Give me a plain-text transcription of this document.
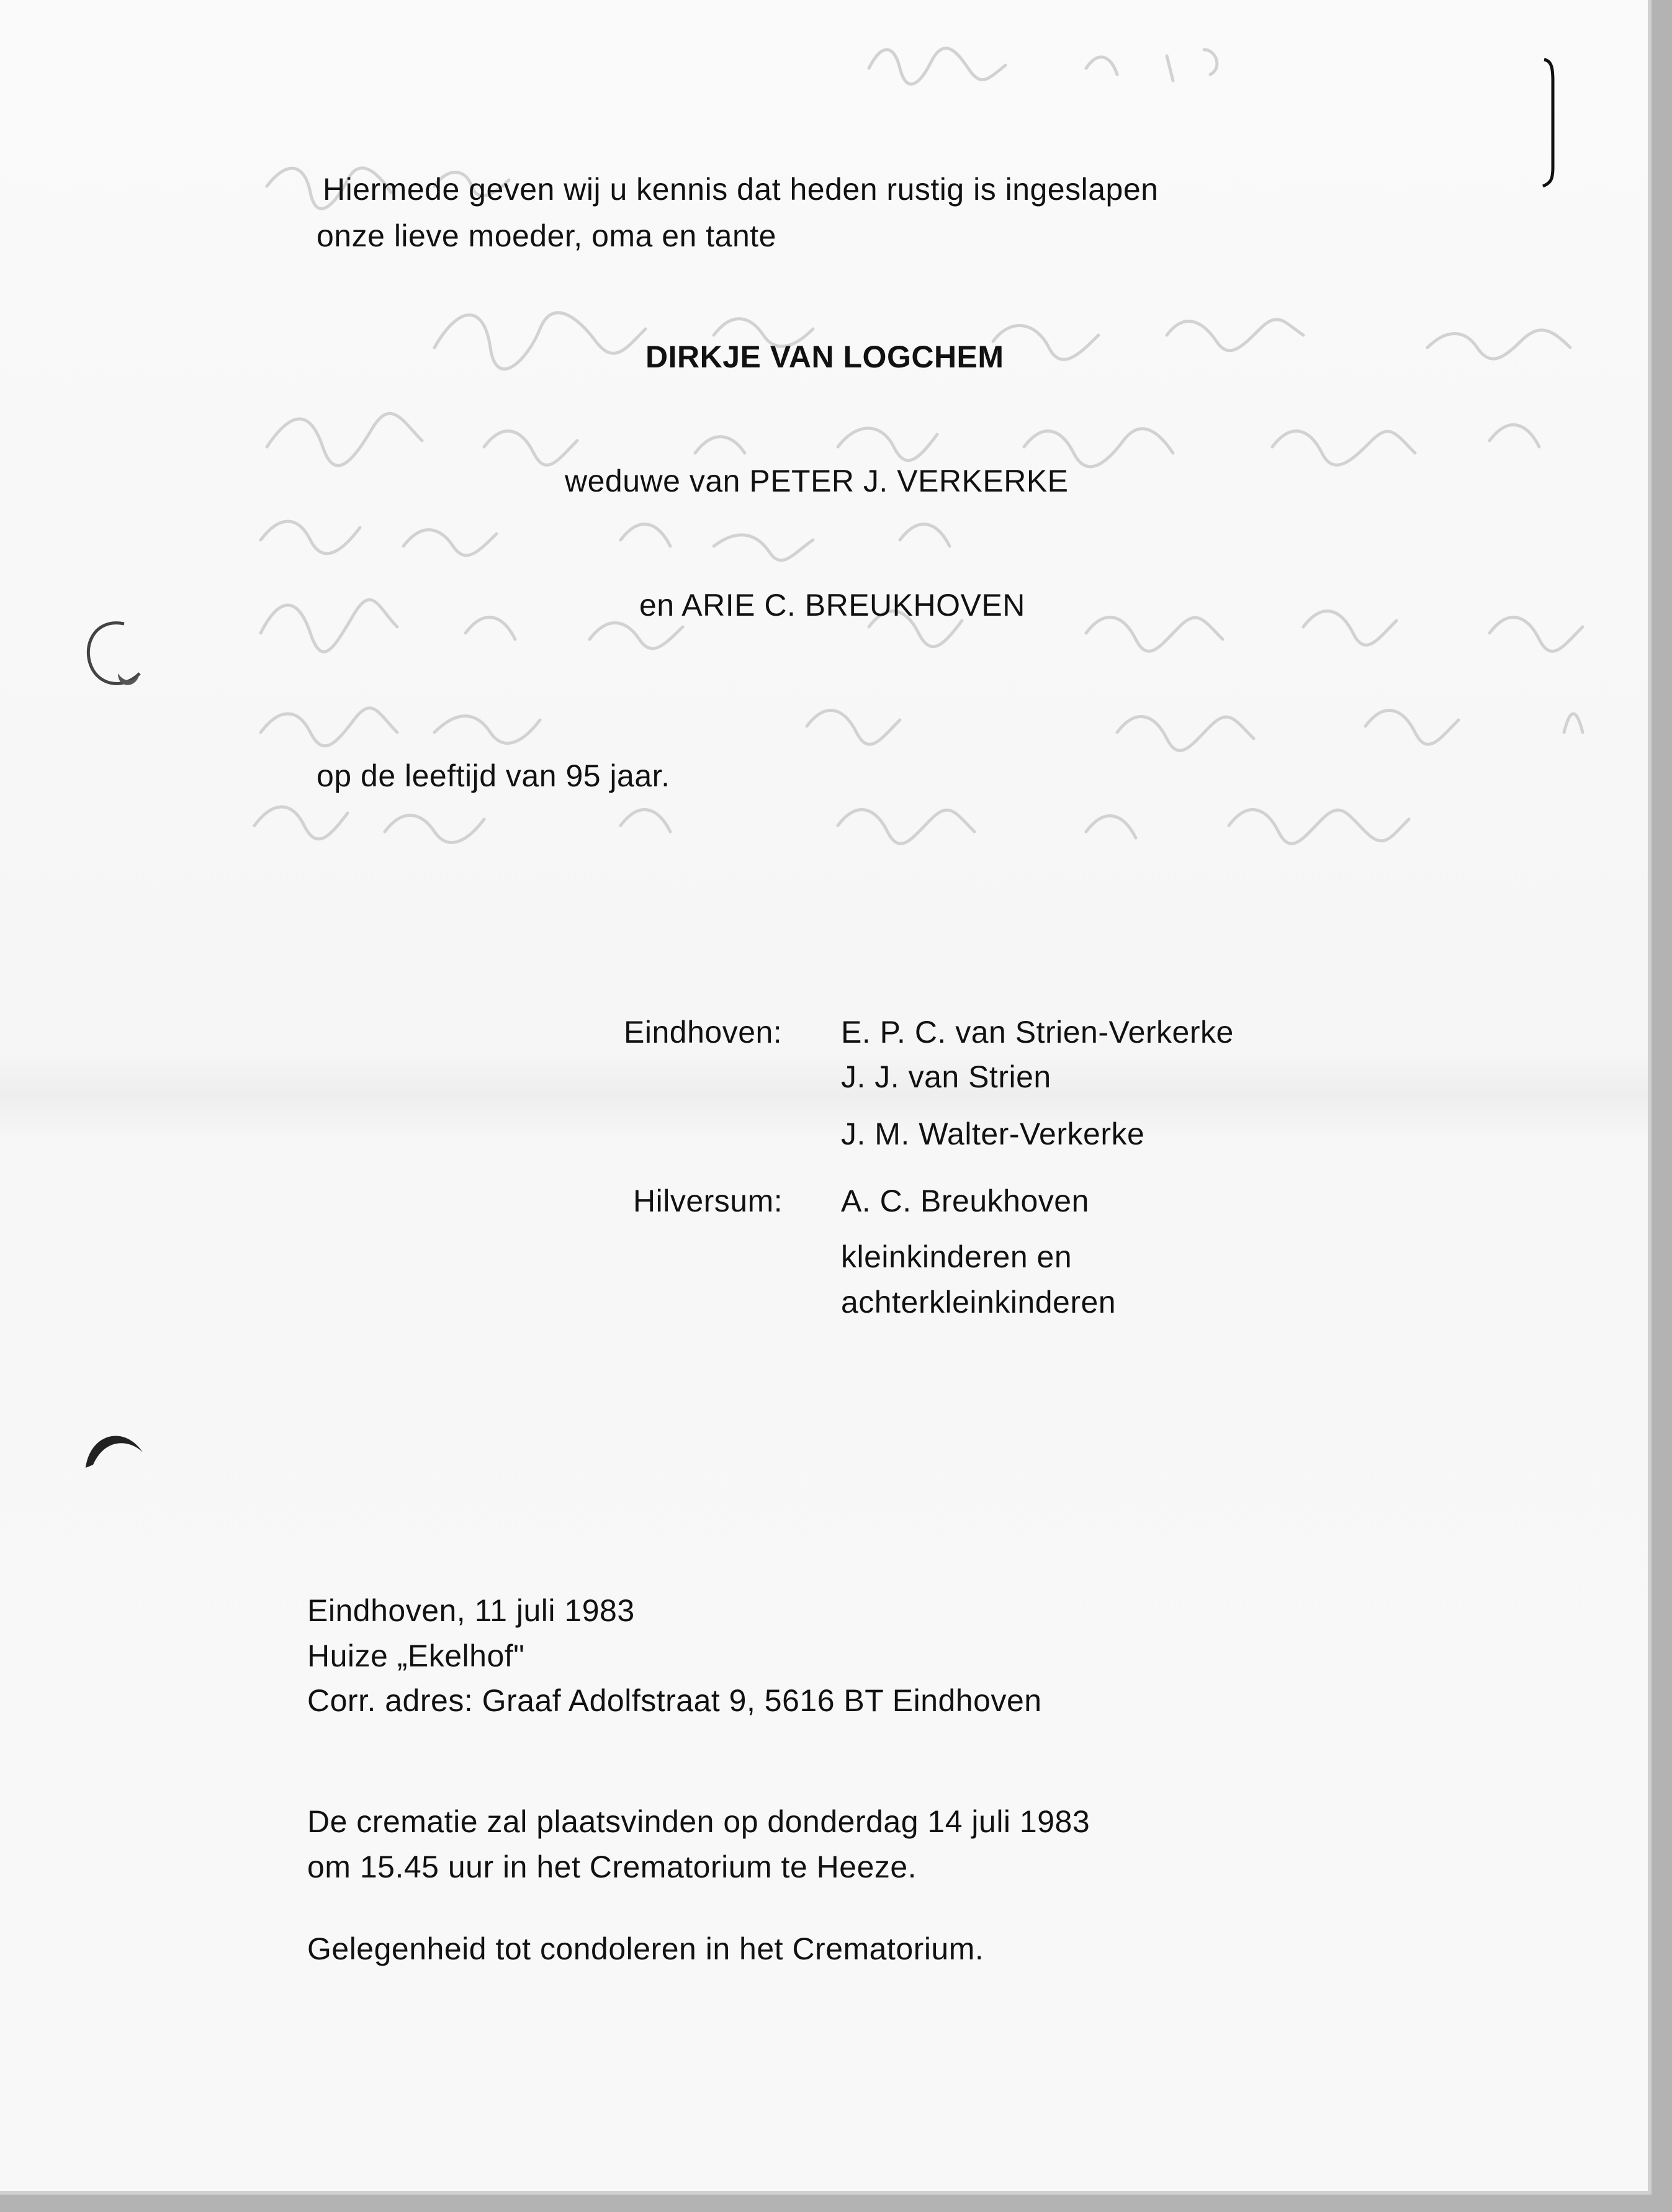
Hiermede geven wij u kennis dat heden rustig is ingeslapen
onze lieve moeder, oma en tante
DIRKJE VAN LOGCHEM
weduwe van PETER J. VERKERKE
en ARIE C. BREUKHOVEN
op de leeftijd van 95 jaar.
Eindhoven: E. P. C. van Strien-Verkerke
J. J. van Strien
J. M. Walter-Verkerke
Hilversum: A. C. Breukhoven
kleinkinderen en
achterkleinkinderen
Eindhoven, 11 juli 1983
Huize „Ekelhof"
Corr. adres: Graaf Adolfstraat 9, 5616 BT Eindhoven
De crematie zal plaatsvinden op donderdag 14 juli 1983
om 15.45 uur in het Crematorium te Heeze.
Gelegenheid tot condoleren in het Crematorium.
